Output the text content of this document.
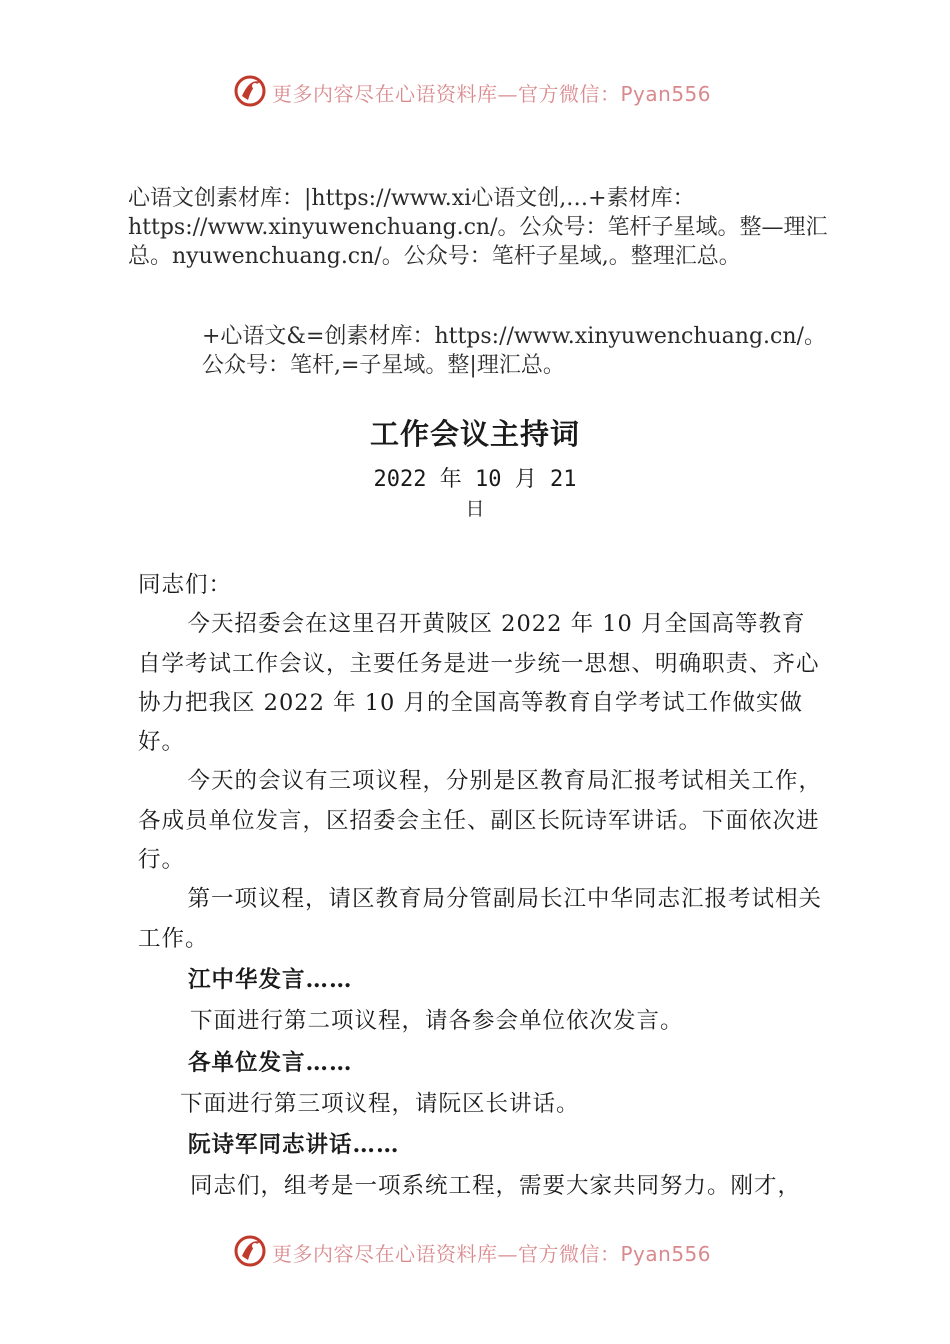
更多内容尽在心语资料库—官方微信：Pyan556
心语文创素材库：|https://www.xi心语文创,…+素材库：https://www.xinyuwenchuang.cn/。公众号：笔杆子星域。整—理汇总。nyuwenchuang.cn/。公众号：笔杆子星域,。整理汇总。
+心语文&=创素材库：https://www.xinyuwenchuang.cn/。公众号：笔杆,=子星域。整|理汇总。
工作会议主持词
2022 年 10 月 21
日

同志们：

今天招委会在这里召开黄陂区 2022 年 10 月全国高等教育自学考试工作会议，主要任务是进一步统一思想、明确职责、齐心协力把我区 2022 年 10 月的全国高等教育自学考试工作做实做好。

今天的会议有三项议程，分别是区教育局汇报考试相关工作，各成员单位发言，区招委会主任、副区长阮诗军讲话。下面依次进行。

第一项议程，请区教育局分管副局长江中华同志汇报考试相关工作。

江中华发言……

下面进行第二项议程，请各参会单位依次发言。

各单位发言……

下面进行第三项议程，请阮区长讲话。

阮诗军同志讲话……

同志们，组考是一项系统工程，需要大家共同努力。刚才，

更多内容尽在心语资料库—官方微信：Pyan556
